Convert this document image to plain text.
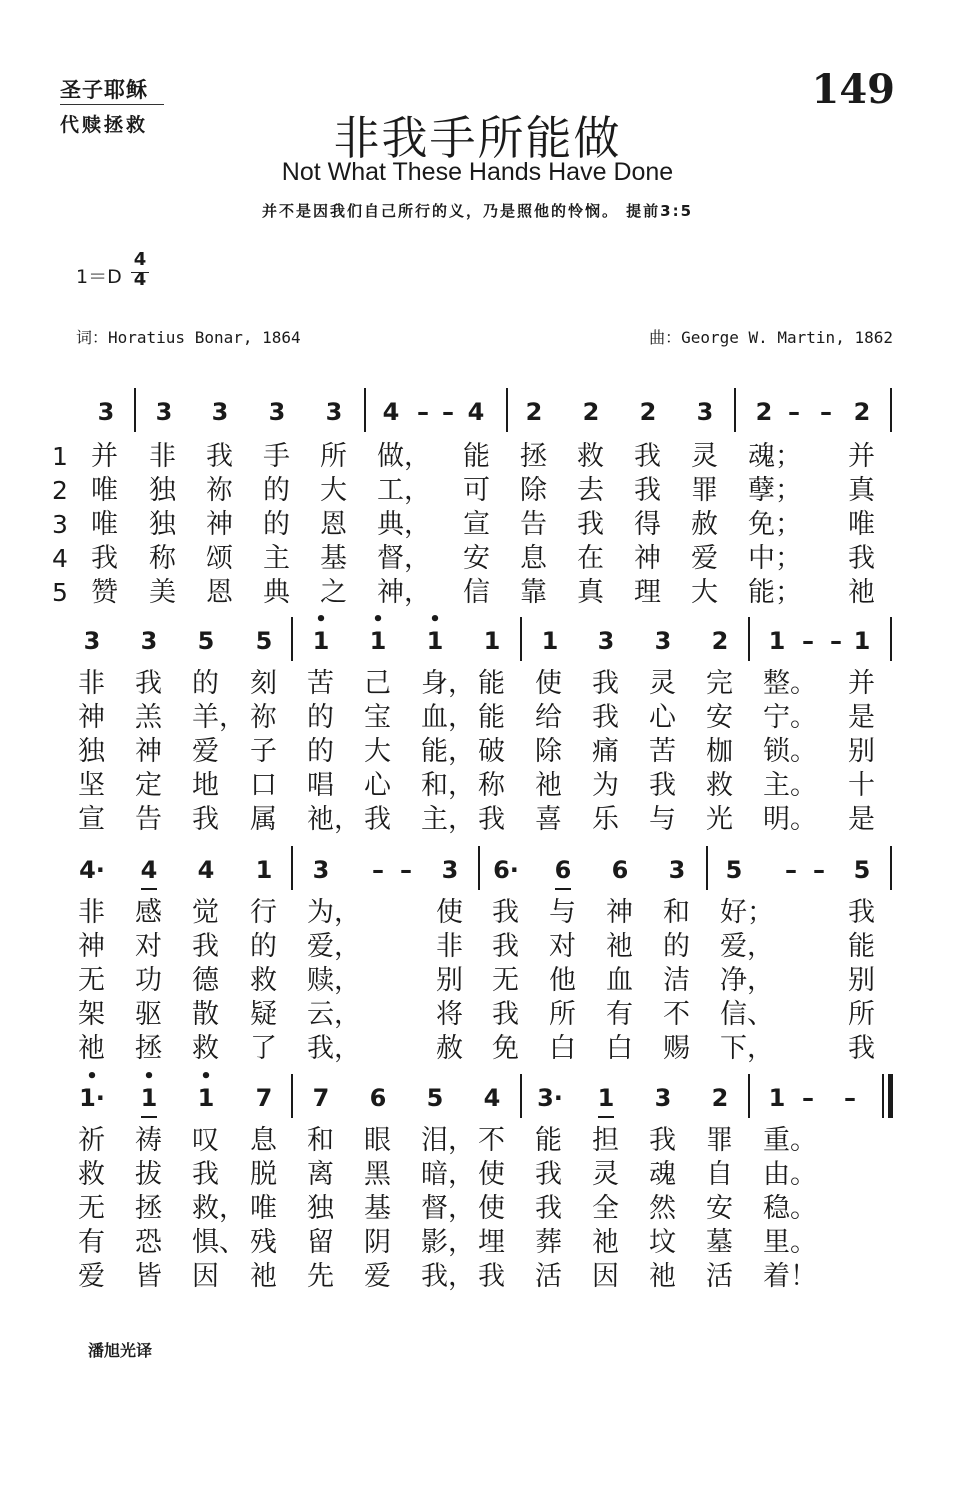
圣子耶稣
代赎拯救
149
非我手所能做
Not What These Hands Have Done
并不是因我们自己所行的义，乃是照他的怜悯。 提前3:5
1＝D
4
4
词：Horatius Bonar, 1864	曲：George W. Martin, 1862
3	3	3	3	3	4 – – 4	2	2	2	3	2 – – 2
1
2
3
4
5
并	非	我	手	所	做， 能	拯	救	我	灵	魂； 并
唯	独	祢	的	大	工， 可	除	去	我	罪	孽； 真
唯	独	神	的	恩	典， 宣	告	我	得	赦	免； 唯
我	称	颂	主	基	督， 安	息	在	神	爱	中； 我
赞	美	恩	典	之	神， 信	靠	真	理	大	能； 祂
3	3	5	5	1
•
1
•
1
•
1	1	3	3	2	1 – – 1
非	我	的	刻	苦	己	身， 能	使	我	灵	完	整。 并
神	羔	羊， 祢	的	宝	血， 能	给	我	心	安	宁。 是
独	神	爱	子	的	大	能， 破	除	痛	苦	枷	锁。 别
坚	定	地	口	唱	心	和， 称	祂	为	我	救	主。 十
宣	告	我	属	祂， 我	主， 我	喜	乐	与	光	明。 是
4·	4	4	1	3	– –	3	6·	6	6	3	5	– –	5
非	感	觉	行	为，	使	我	与	神	和	好；	我
神	对	我	的	爱，	非	我	对	祂	的	爱，	能
无	功	德	救	赎，	别	无	他	血	洁	净，	别
架	驱	散	疑	云，	将	我	所	有	不	信、	所
祂	拯	救	了	我，	赦	免	白	白	赐	下，	我
1·
•
1
•
1
•
7	7	6	5	4	3·	1	3	2	1 –	–
祈	祷	叹	息	和	眼	泪， 不	能	担	我	罪	重。
救	拔	我	脱	离	黑	暗， 使	我	灵	魂	自	由。
无	拯	救， 唯	独	基	督， 使	我	全	然	安	稳。
有	恐	惧、 残	留	阴	影， 埋	葬	祂	坟	墓	里。
爱	皆	因	祂	先	爱	我， 我	活	因	祂	活	着！
潘旭光译
